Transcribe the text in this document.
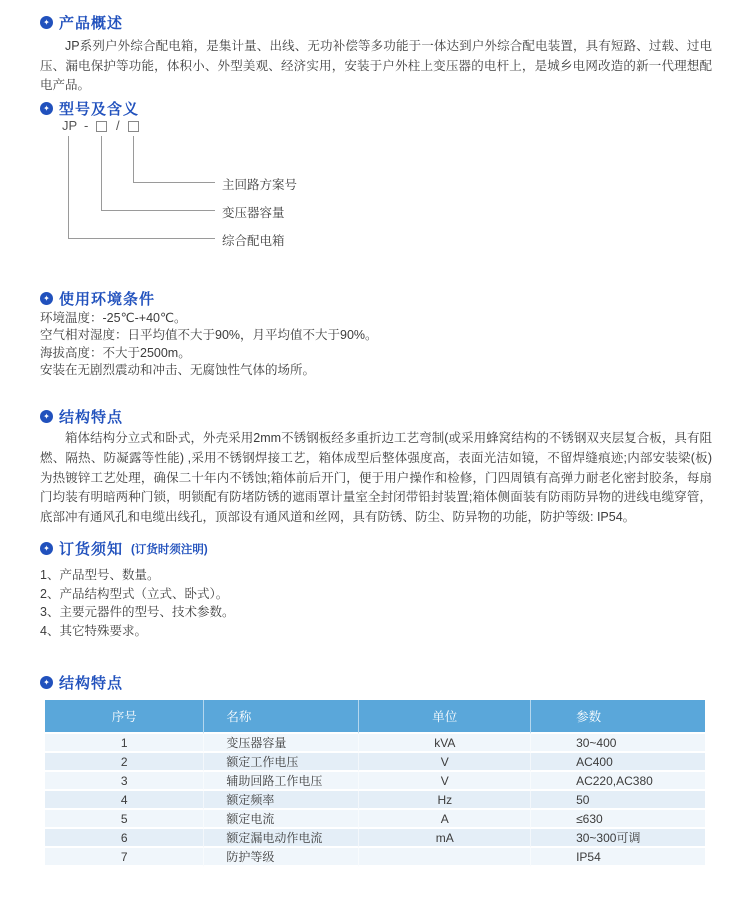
✦ 产品概述
JP系列户外综合配电箱，是集计量、出线、无功补偿等多功能于一体达到户外综合配电装置，具有短路、过载、过电压、漏电保护等功能，体积小、外型美观、经济实用，安装于户外柱上变压器的电杆上，是城乡电网改造的新一代理想配电产品。
✦ 型号及含义
JP - /
主回路方案号
变压器容量
综合配电箱
✦ 使用环境条件
环境温度：-25℃-+40℃。
空气相对湿度：日平均值不大于90%，月平均值不大于90%。
海拔高度：不大于2500m。
安装在无剧烈震动和冲击、无腐蚀性气体的场所。
✦ 结构特点
箱体结构分立式和卧式，外壳采用2mm不锈钢板经多重折边工艺弯制(或采用蜂窝结构的不锈钢双夹层复合板，具有阻燃、隔热、防凝露等性能) ,采用不锈钢焊接工艺，箱体成型后整体强度高，表面光洁如镜，不留焊缝痕迹;内部安装梁(板)为热镀锌工艺处理，确保二十年内不锈蚀;箱体前后开门，便于用户操作和检修，门四周镇有高弹力耐老化密封胶条，每扇门均装有明暗两种门锁，明锁配有防堵防锈的遮雨罩计量室全封闭带铅封装置;箱体侧面装有防雨防异物的进线电缆穿管，底部冲有通风孔和电缆出线孔，顶部设有通风道和丝网，具有防锈、防尘、防异物的功能，防护等级: IP54。
✦ 订货须知 (订货时须注明)
1、产品型号、数量。
2、产品结构型式（立式、卧式）。
3、主要元器件的型号、技术参数。
4、其它特殊要求。
✦ 结构特点
序号	名称	单位	参数
1	变压器容量	kVA	30~400
2	额定工作电压	V	AC400
3	辅助回路工作电压	V	AC220,AC380
4	额定频率	Hz	50
5	额定电流	A	≤630
6	额定漏电动作电流	mA	30~300可调
7	防护等级		IP54
